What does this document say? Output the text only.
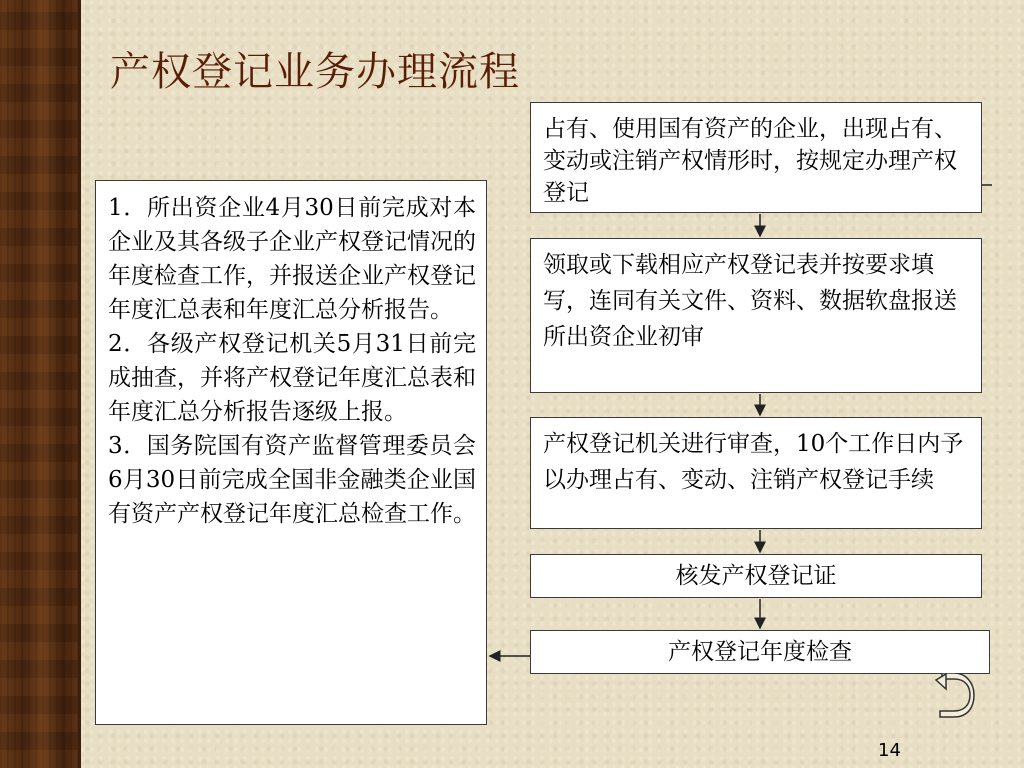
产权登记业务办理流程
1．所出资企业4月30日前完成对本企业及其各级子企业产权登记情况的年度检查工作，并报送企业产权登记年度汇总表和年度汇总分析报告。
2．各级产权登记机关5月31日前完成抽查，并将产权登记年度汇总表和年度汇总分析报告逐级上报。
3．国务院国有资产监督管理委员会6月30日前完成全国非金融类企业国有资产产权登记年度汇总检查工作。
占有、使用国有资产的企业，出现占有、变动或注销产权情形时，按规定办理产权登记
领取或下载相应产权登记表并按要求填写，连同有关文件、资料、数据软盘报送所出资企业初审
产权登记机关进行审查，10个工作日内予以办理占有、变动、注销产权登记手续
核发产权登记证
产权登记年度检查
14
